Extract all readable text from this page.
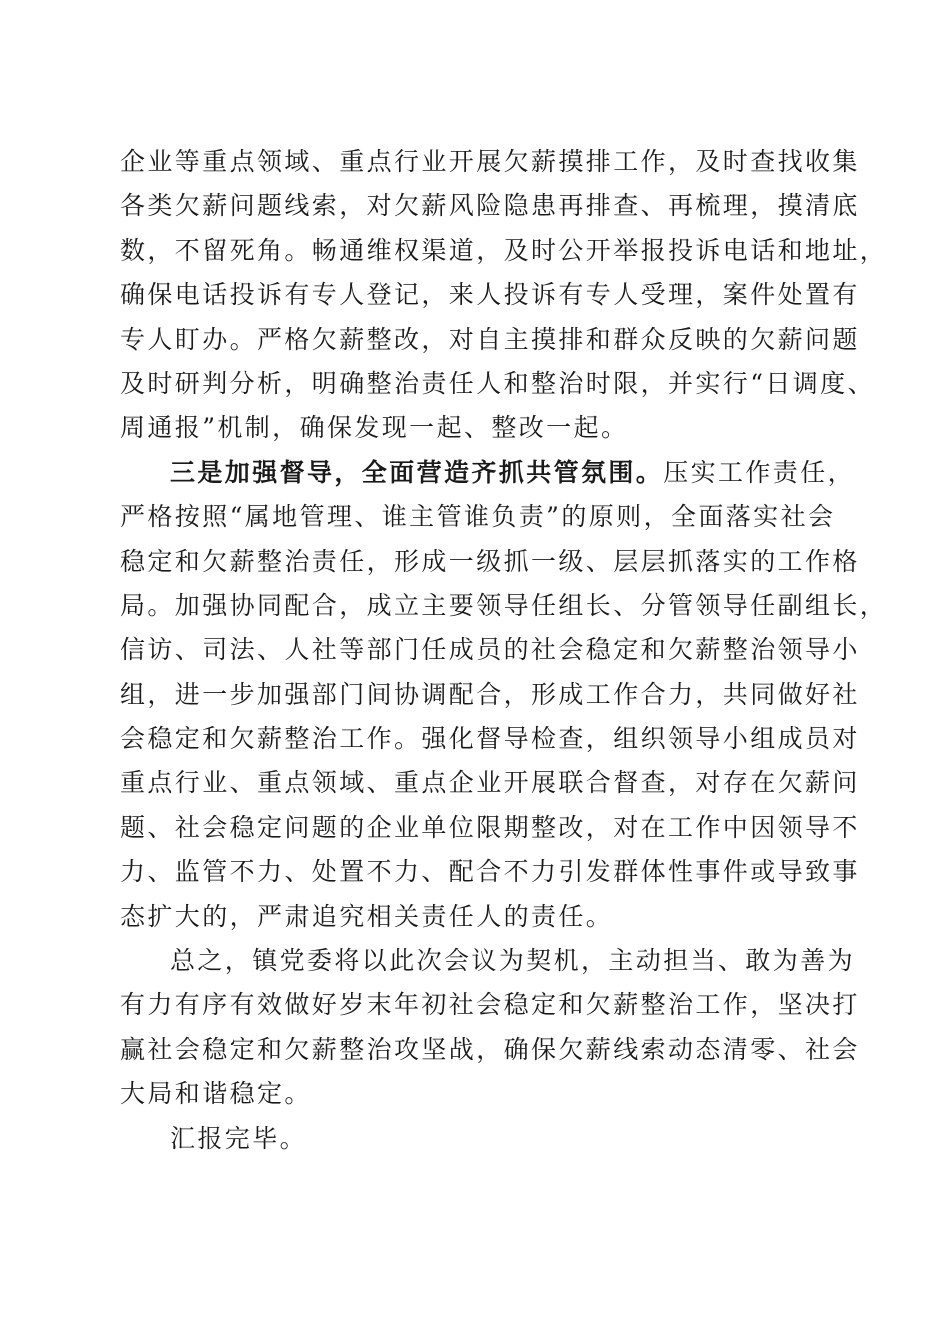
企业等重点领域、重点行业开展欠薪摸排工作，及时查找收集
各类欠薪问题线索，对欠薪风险隐患再排查、再梳理，摸清底
数，不留死角。畅通维权渠道，及时公开举报投诉电话和地址，
确保电话投诉有专人登记，来人投诉有专人受理，案件处置有
专人盯办。严格欠薪整改，对自主摸排和群众反映的欠薪问题
及时研判分析，明确整治责任人和整治时限，并实行“日调度、
周通报”机制，确保发现一起、整改一起。
三是加强督导，全面营造齐抓共管氛围。压实工作责任，
严格按照“属地管理、谁主管谁负责”的原则，全面落实社会
稳定和欠薪整治责任，形成一级抓一级、层层抓落实的工作格
局。加强协同配合，成立主要领导任组长、分管领导任副组长，
信访、司法、人社等部门任成员的社会稳定和欠薪整治领导小
组，进一步加强部门间协调配合，形成工作合力，共同做好社
会稳定和欠薪整治工作。强化督导检查，组织领导小组成员对
重点行业、重点领域、重点企业开展联合督查，对存在欠薪问
题、社会稳定问题的企业单位限期整改，对在工作中因领导不
力、监管不力、处置不力、配合不力引发群体性事件或导致事
态扩大的，严肃追究相关责任人的责任。
总之，镇党委将以此次会议为契机，主动担当、敢为善为
有力有序有效做好岁末年初社会稳定和欠薪整治工作，坚决打
赢社会稳定和欠薪整治攻坚战，确保欠薪线索动态清零、社会
大局和谐稳定。
汇报完毕。
